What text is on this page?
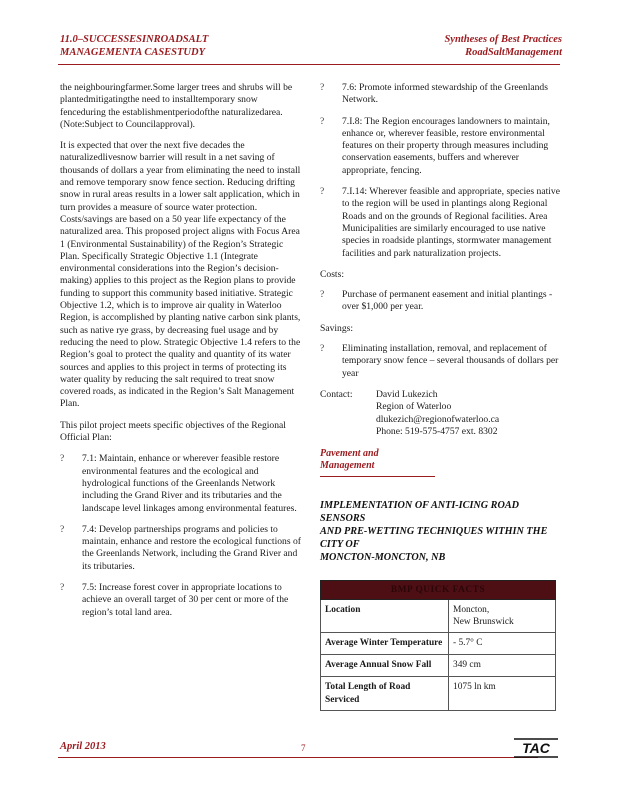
11.0–SUCCESSESINROADSALT
MANAGEMENTA CASESTUDY
Syntheses of Best Practices
RoadSaltManagement

the neighbouringfarmer.Some larger trees and shrubs will be plantedmitigatingthe need to installtemporary snow fenceduring the establishmentperiodofthe naturalizedarea. (Note:Subject to Councilapproval).

It is expected that over the next five decades the naturalizedlivesnow barrier will result in a net saving of thousands of dollars a year from eliminating the need to install and remove temporary snow fence section. Reducing drifting snow in rural areas results in a lower salt application, which in turn provides a measure of source water protection. Costs/savings are based on a 50 year life expectancy of the naturalized area. This proposed project aligns with Focus Area 1 (Environmental Sustainability) of the Region’s Strategic Plan. Specifically Strategic Objective 1.1 (Integrate environmental considerations into the Region’s decision-making) applies to this project as the Region plans to provide funding to support this community based initiative. Strategic Objective 1.2, which is to improve air quality in Waterloo Region, is accomplished by planting native carbon sink plants, such as native rye grass, by decreasing fuel usage and by reducing the need to plow. Strategic Objective 1.4 refers to the Region’s goal to protect the quality and quantity of its water sources and applies to this project in terms of protecting its water quality by reducing the salt required to treat snow covered roads, as indicated in the Region’s Salt Management Plan.

This pilot project meets specific objectives of the Regional Official Plan:

?	7.1: Maintain, enhance or wherever feasible restore environmental features and the ecological and hydrological functions of the Greenlands Network including the Grand River and its tributaries and the landscape level linkages among environmental features.
?	7.4: Develop partnerships programs and policies to maintain, enhance and restore the ecological functions of the Greenlands Network, including the Grand River and its tributaries.
?	7.5: Increase forest cover in appropriate locations to achieve an overall target of 30 per cent or more of the region’s total land area.
?	7.6: Promote informed stewardship of the Greenlands Network.
?	7.I.8: The Region encourages landowners to maintain, enhance or, wherever feasible, restore environmental features on their property through measures including conservation easements, buffers and wherever appropriate, fencing.
?	7.I.14: Wherever feasible and appropriate, species native to the region will be used in plantings along Regional Roads and on the grounds of Regional facilities. Area Municipalities are similarly encouraged to use native species in roadside plantings, stormwater management facilities and park naturalization projects.
Costs:
?	Purchase of permanent easement and initial plantings - over $1,000 per year.
Savings:
?	Eliminating installation, removal, and replacement of temporary snow fence – several thousands of dollars per year
Contact:	David Lukezich
Region of Waterloo
dlukezich@regionofwaterloo.ca
Phone: 519-575-4757 ext. 8302
Pavement and Management
IMPLEMENTATION OF ANTI-ICING ROAD SENSORS
AND PRE-WETTING TECHNIQUES WITHIN THE CITY OF
MONCTON-MONCTON, NB
BMP QUICK FACTS	
Location	Moncton,
New Brunswick

Average Winter Temperature	- 5.7° C
Average Annual Snow Fall	349 cm
Total Length of Road Serviced	1075 ln km
April 2013	7	TAC
